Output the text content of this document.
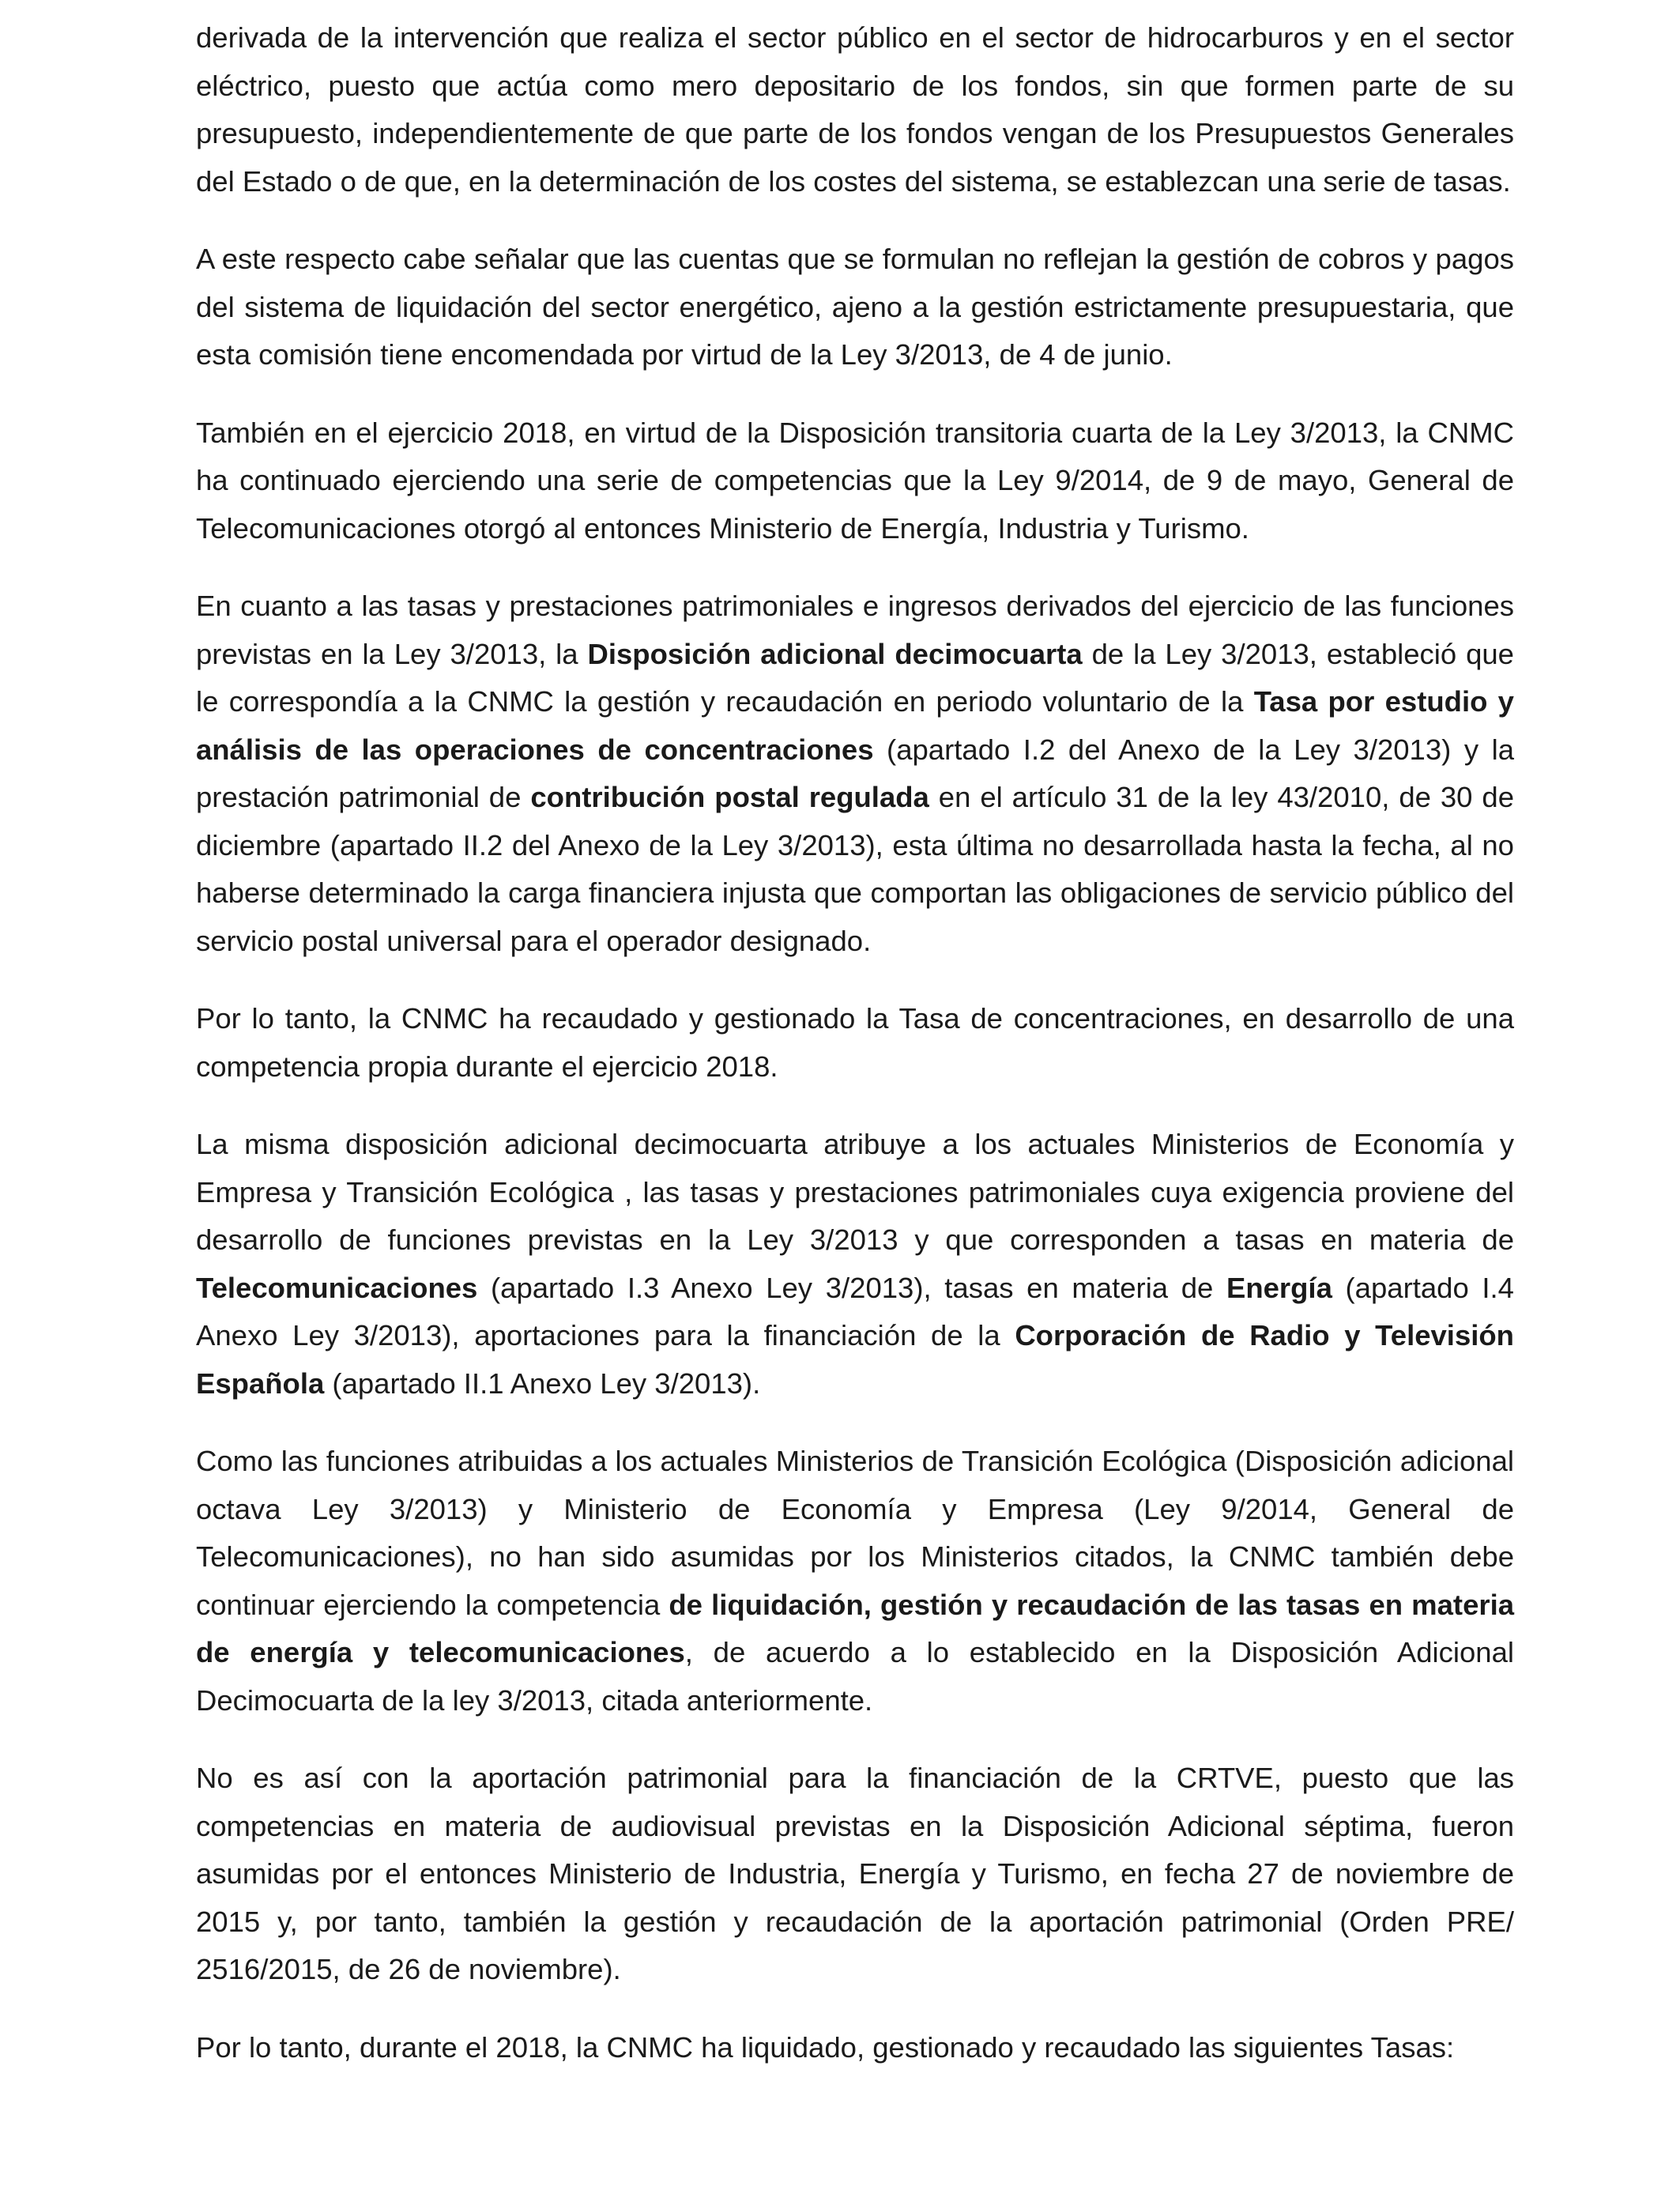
derivada de la intervención que realiza el sector público en el sector de hidrocarburos y en el sector eléctrico, puesto que actúa como mero depositario de los fondos, sin que formen parte de su presupuesto, independientemente de que parte de los fondos vengan de los Presupuestos Generales del Estado o de que, en la determinación de los costes del sistema, se establezcan una serie de tasas.

A este respecto cabe señalar que las cuentas que se formulan no reflejan la gestión de cobros y pagos del sistema de liquidación del sector energético, ajeno a la gestión estrictamente presupuestaria, que esta comisión tiene encomendada por virtud de la Ley 3/2013, de 4 de junio.

También en el ejercicio 2018, en virtud de la Disposición transitoria cuarta de la Ley 3/2013, la CNMC ha continuado ejerciendo una serie de competencias que la Ley 9/2014, de 9 de mayo, General de Telecomunicaciones otorgó al entonces Ministerio de Energía, Industria y Turismo.

En cuanto a las tasas y prestaciones patrimoniales e ingresos derivados del ejercicio de las funciones previstas en la Ley 3/2013, la Disposición adicional decimocuarta de la Ley 3/2013, estableció que le correspondía a la CNMC la gestión y recaudación en periodo voluntario de la Tasa por estudio y análisis de las operaciones de concentraciones (apartado I.2 del Anexo de la Ley 3/2013) y la prestación patrimonial de contribución postal regulada en el artículo 31 de la ley 43/2010, de 30 de diciembre (apartado II.2 del Anexo de la Ley 3/2013), esta última no desarrollada hasta la fecha, al no haberse determinado la carga financiera injusta que comportan las obligaciones de servicio público del servicio postal universal para el operador designado.

Por lo tanto, la CNMC ha recaudado y gestionado la Tasa de concentraciones, en desarrollo de una competencia propia durante el ejercicio 2018.

La misma disposición adicional decimocuarta atribuye a los actuales Ministerios de Economía y Empresa y Transición Ecológica , las tasas y prestaciones patrimoniales cuya exigencia proviene del desarrollo de funciones previstas en la Ley 3/2013 y que corresponden a tasas en materia de Telecomunicaciones (apartado I.3 Anexo Ley 3/2013), tasas en materia de Energía (apartado I.4 Anexo Ley 3/2013), aportaciones para la financiación de la Corporación de Radio y Televisión Española (apartado II.1 Anexo Ley 3/2013).

Como las funciones atribuidas a los actuales Ministerios de Transición Ecológica (Disposición adicional octava Ley 3/2013) y Ministerio de Economía y Empresa (Ley 9/2014, General de Telecomunicaciones), no han sido asumidas por los Ministerios citados, la CNMC también debe continuar ejerciendo la competencia de liquidación, gestión y recaudación de las tasas en materia de energía y telecomunicaciones, de acuerdo a lo establecido en la Disposición Adicional Decimocuarta de la ley 3/2013, citada anteriormente.

No es así con la aportación patrimonial para la financiación de la CRTVE, puesto que las competencias en materia de audiovisual previstas en la Disposición Adicional séptima, fueron asumidas por el entonces Ministerio de Industria, Energía y Turismo, en fecha 27 de noviembre de 2015 y, por tanto, también la gestión y recaudación de la aportación patrimonial (Orden PRE/ 2516/2015, de 26 de noviembre).

Por lo tanto, durante el 2018, la CNMC ha liquidado, gestionado y recaudado las siguientes Tasas:
